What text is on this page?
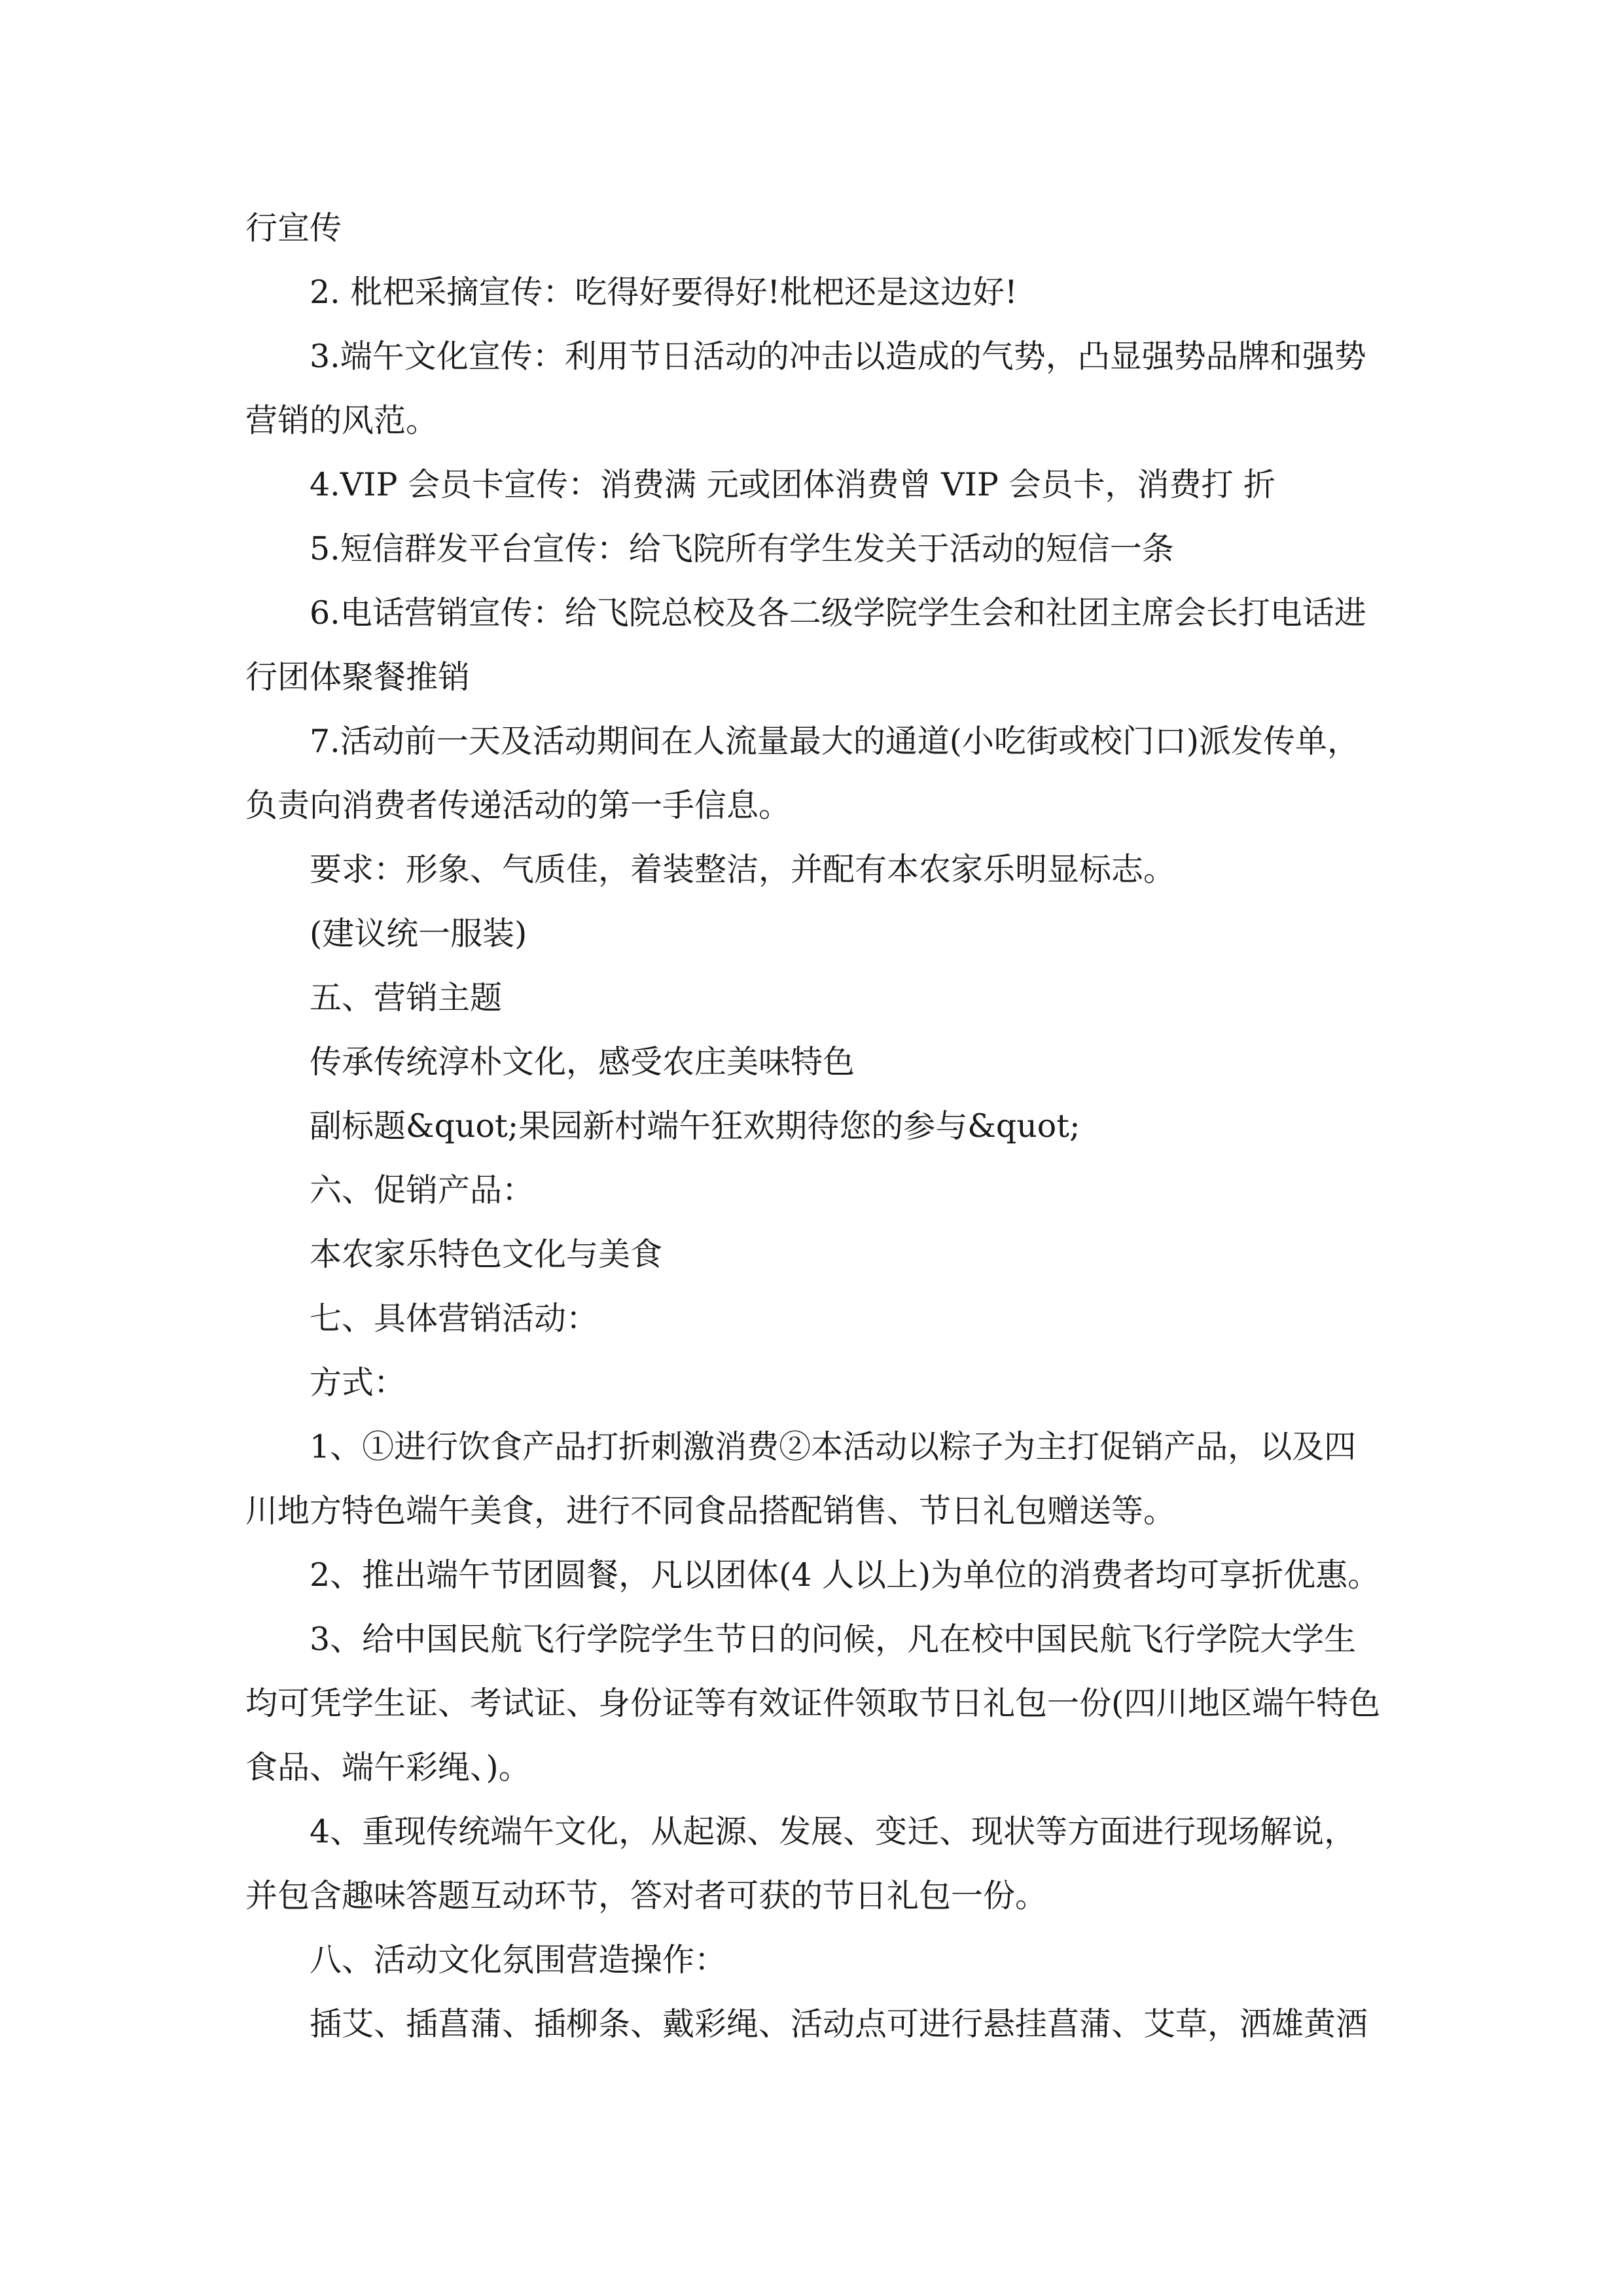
行宣传

2. 枇杷采摘宣传：吃得好要得好!枇杷还是这边好!

3.端午文化宣传：利用节日活动的冲击以造成的气势，凸显强势品牌和强势营销的风范。

4.VIP 会员卡宣传：消费满 元或团体消费曾 VIP 会员卡，消费打 折

5.短信群发平台宣传：给飞院所有学生发关于活动的短信一条

6.电话营销宣传：给飞院总校及各二级学院学生会和社团主席会长打电话进行团体聚餐推销

7.活动前一天及活动期间在人流量最大的通道(小吃街或校门口)派发传单，负责向消费者传递活动的第一手信息。

要求：形象、气质佳，着装整洁，并配有本农家乐明显标志。

(建议统一服装)

五、营销主题

传承传统淳朴文化，感受农庄美味特色

副标题&quot;果园新村端午狂欢期待您的参与&quot;

六、促销产品：

本农家乐特色文化与美食

七、具体营销活动：

方式：

1、①进行饮食产品打折刺激消费②本活动以粽子为主打促销产品，以及四川地方特色端午美食，进行不同食品搭配销售、节日礼包赠送等。

2、推出端午节团圆餐，凡以团体(4 人以上)为单位的消费者均可享折优惠。

3、给中国民航飞行学院学生节日的问候，凡在校中国民航飞行学院大学生均可凭学生证、考试证、身份证等有效证件领取节日礼包一份(四川地区端午特色食品、端午彩绳、)。

4、重现传统端午文化，从起源、发展、变迁、现状等方面进行现场解说，并包含趣味答题互动环节，答对者可获的节日礼包一份。

八、活动文化氛围营造操作：

插艾、插菖蒲、插柳条、戴彩绳、活动点可进行悬挂菖蒲、艾草，洒雄黄酒
